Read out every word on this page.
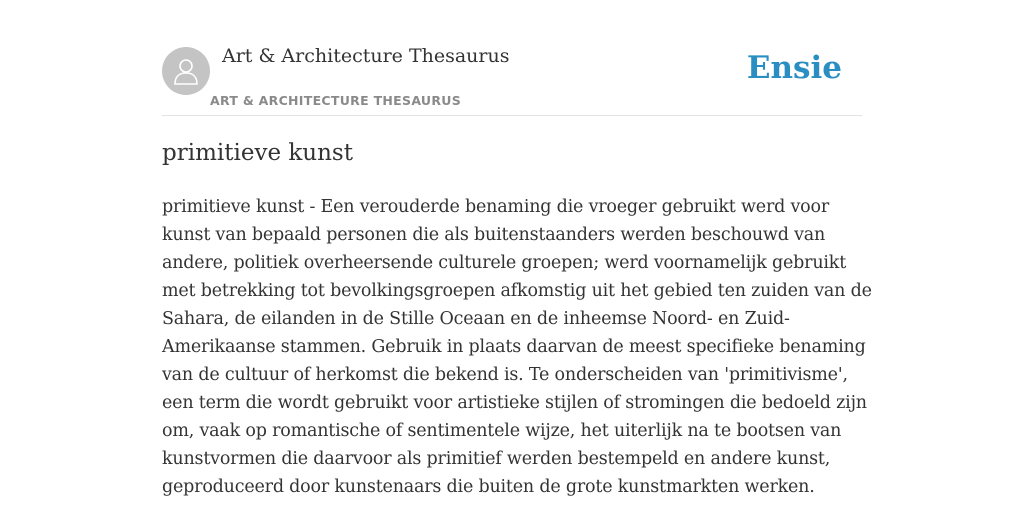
Art & Architecture Thesaurus
ART & ARCHITECTURE THESAURUS
Ensie
primitieve kunst

primitieve kunst - Een verouderde benaming die vroeger gebruikt werd voor
kunst van bepaald personen die als buitenstaanders werden beschouwd van
andere, politiek overheersende culturele groepen; werd voornamelijk gebruikt
met betrekking tot bevolkingsgroepen afkomstig uit het gebied ten zuiden van de
Sahara, de eilanden in de Stille Oceaan en de inheemse Noord- en Zuid-
Amerikaanse stammen. Gebruik in plaats daarvan de meest specifieke benaming
van de cultuur of herkomst die bekend is. Te onderscheiden van 'primitivisme',
een term die wordt gebruikt voor artistieke stijlen of stromingen die bedoeld zijn
om, vaak op romantische of sentimentele wijze, het uiterlijk na te bootsen van
kunstvormen die daarvoor als primitief werden bestempeld en andere kunst,
geproduceerd door kunstenaars die buiten de grote kunstmarkten werken.
